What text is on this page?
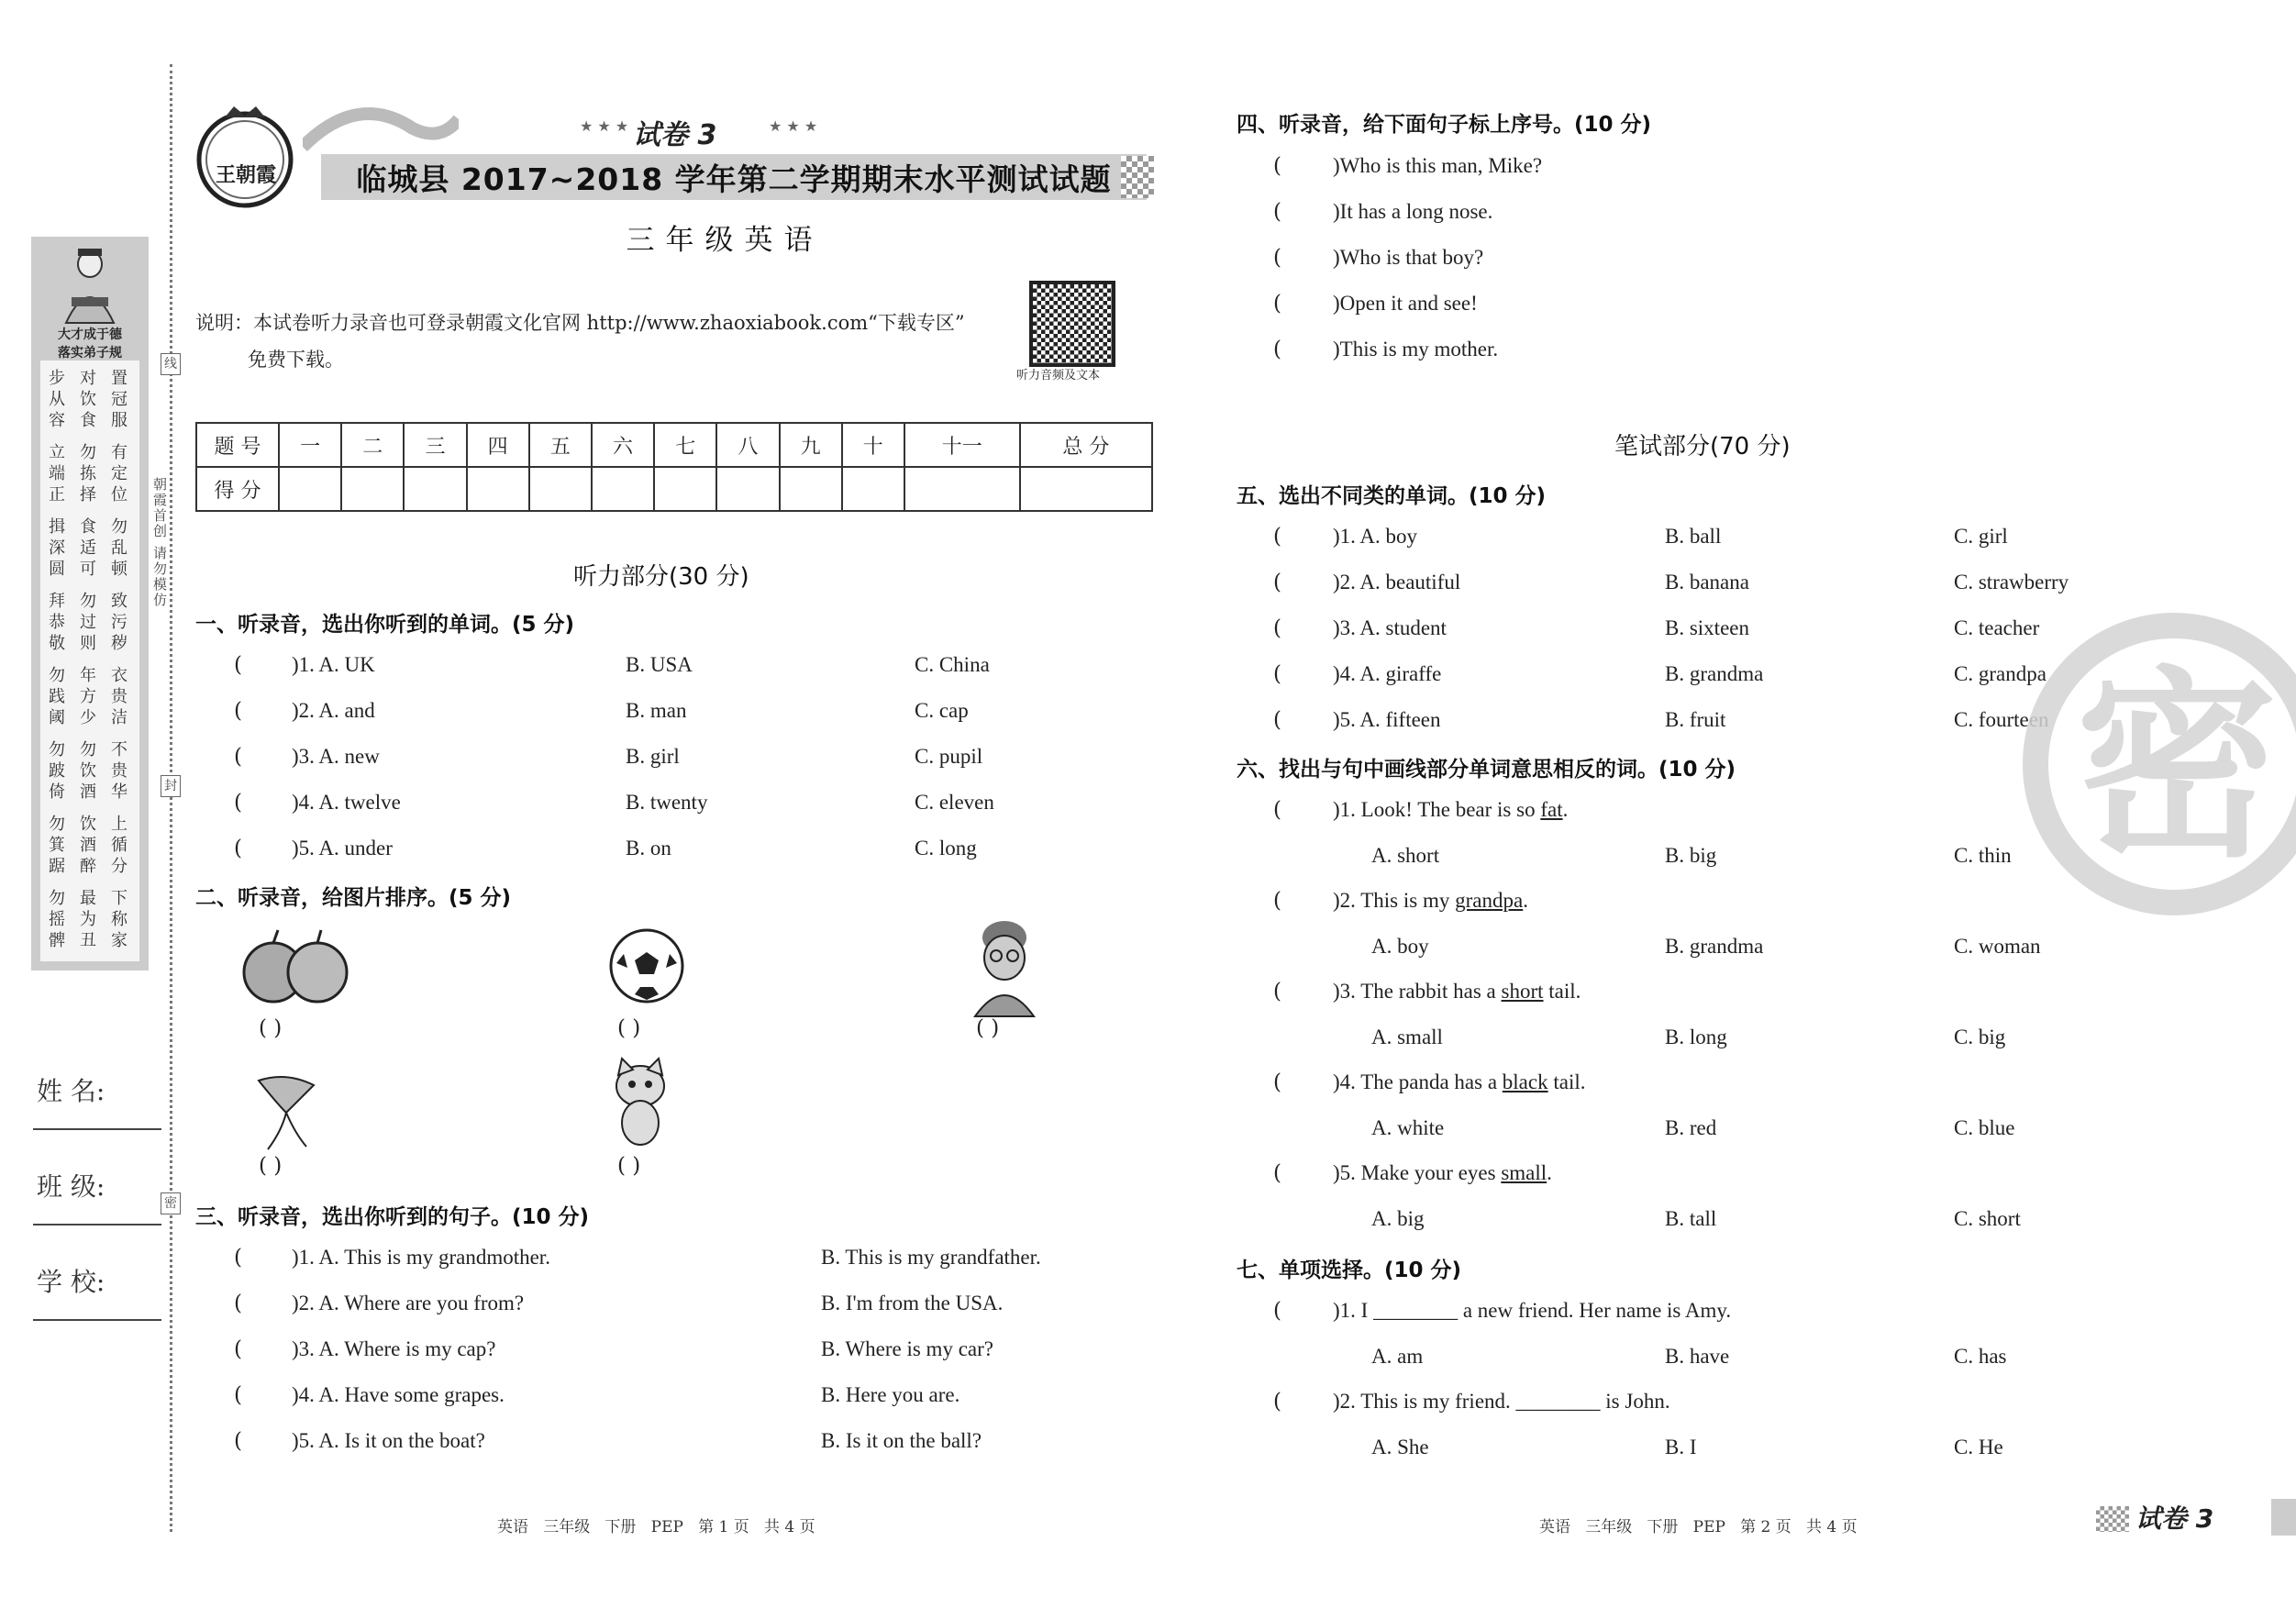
大才成于德
落实弟子规
步从容
对饮食
置冠服
立端正
勿拣择
有定位
揖深圆
食适可
勿乱顿
拜恭敬
勿过则
致污秽
勿践阈
年方少
衣贵洁
勿跛倚
勿饮酒
不贵华
勿箕踞
饮酒醉
上循分
勿摇髀
最为丑
下称家
姓 名:
班 级:
学 校:
线
封
密
朝霞首创 请勿模仿
王朝霞
★ ★ ★ 试卷 3	★ ★ ★
临城县 2017~2018 学年第二学期期末水平测试试题
三年级英语
说明：本试卷听力录音也可登录朝霞文化官网 http://www.zhaoxiabook.com“下载专区”
免费下载。
听力音频及文本
题 号	一	二	三	四	五	六	七	八	九	十	十一	总 分
得 分												
听力部分(30 分)
一、听录音，选出你听到的单词。(5 分)
( )1. A. UK	B. USA	C. China
( )2. A. and	B. man	C. cap
( )3. A. new	B. girl	C. pupil
( )4. A. twelve	B. twenty	C. eleven
( )5. A. under	B. on	C. long
二、听录音，给图片排序。(5 分)
( )	( )	( )
( )	( )
三、听录音，选出你听到的句子。(10 分)
( )1. A. This is my grandmother.	B. This is my grandfather.
( )2. A. Where are you from?	B. I'm from the USA.
( )3. A. Where is my cap?	B. Where is my car?
( )4. A. Have some grapes.	B. Here you are.
( )5. A. Is it on the boat?	B. Is it on the ball?
英语   三年级   下册   PEP   第 1 页   共 4 页
四、听录音，给下面句子标上序号。(10 分)
( )Who is this man, Mike?
( )It has a long nose.
( )Who is that boy?
( )Open it and see!
( )This is my mother.
笔试部分(70 分)
五、选出不同类的单词。(10 分)
( )1. A. boy	B. ball	C. girl
( )2. A. beautiful	B. banana	C. strawberry
( )3. A. student	B. sixteen	C. teacher
( )4. A. giraffe	B. grandma	C. grandpa
( )5. A. fifteen	B. fruit	C. fourteen
六、找出与句中画线部分单词意思相反的词。(10 分)
( )1. Look! The bear is so fat.
A. short	B. big	C. thin
( )2. This is my grandpa.
A. boy	B. grandma	C. woman
( )3. The rabbit has a short tail.
A. small	B. long	C. big
( )4. The panda has a black tail.
A. white	B. red	C. blue
( )5. Make your eyes small.
A. big	B. tall	C. short
七、单项选择。(10 分)
( )1. I ________ a new friend. Her name is Amy.
A. am	B. have	C. has
( )2. This is my friend. ________ is John.
A. She	B. I	C. He
密
英语   三年级   下册   PEP   第 2 页   共 4 页	试卷 3
